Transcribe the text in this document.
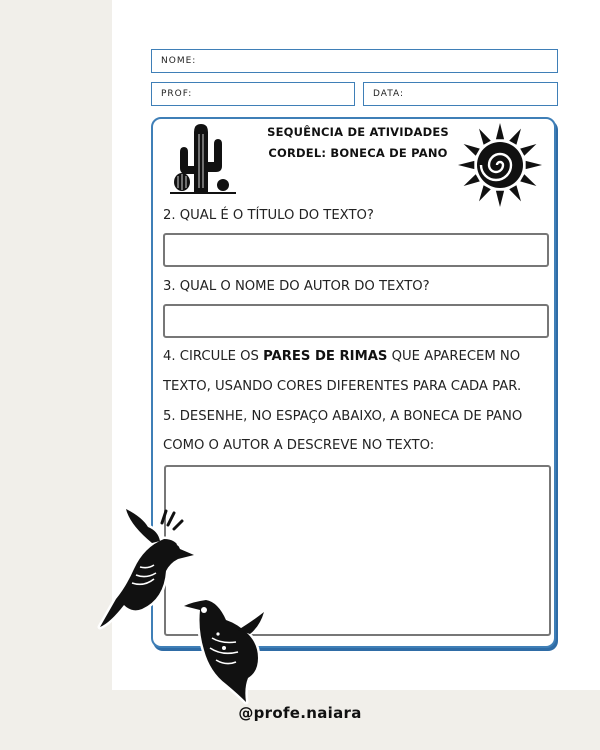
NOME:
PROF:	DATA:
SEQUÊNCIA DE ATIVIDADES
CORDEL: BONECA DE PANO
2. QUAL É O TÍTULO DO TEXTO?
3. QUAL O NOME DO AUTOR DO TEXTO?
4. CIRCULE OS PARES DE RIMAS QUE APARECEM NO
TEXTO, USANDO CORES DIFERENTES PARA CADA PAR.
5. DESENHE, NO ESPAÇO ABAIXO, A BONECA DE PANO
COMO O AUTOR A DESCREVE NO TEXTO:
@profe.naiara
